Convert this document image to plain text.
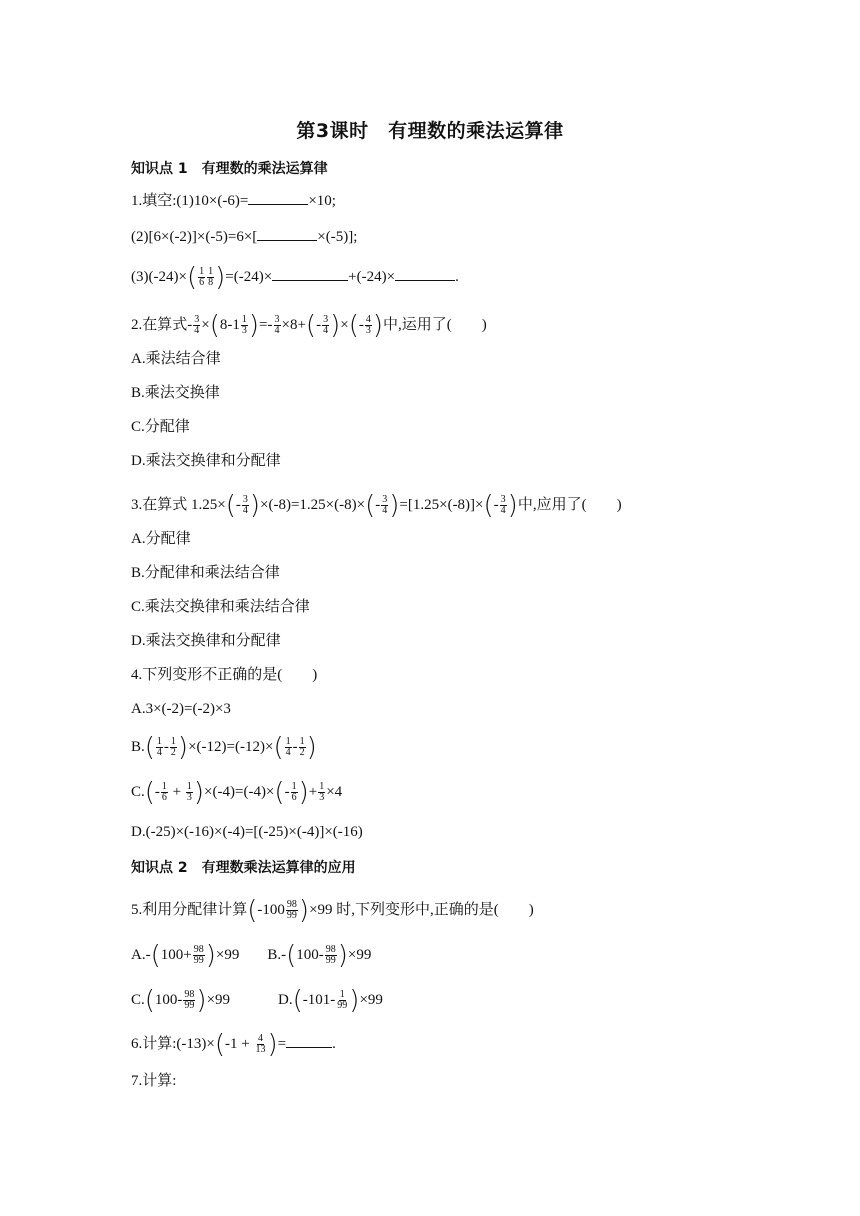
第3课时　有理数的乘法运算律
知识点 1　有理数的乘法运算律
1.填空:(1)10×(-6)=	×10;
(2)[6×(-2)]×(-5)=6×[	×(-5)];
$(3)(-24)\times( \frac{1}{6} \frac{1}{8} )=(-24)\times$	+(-24)×	.
2.在算式- $\frac{3}{4} \times(8-1 \frac{1}{3}$ )=- $\frac{3}{4} \times 8+(- \frac{3}{4}$ )×(- $\frac{4}{3}$ )中,运用了(　　)
A.乘法结合律
B.乘法交换律
C.分配律
D.乘法交换律和分配律
3.在算式 $1.25\times(- \frac{3}{4} )\times(-8)=1.25\times(-8)\times(- \frac{3}{4} )=[1.25\times(-8)]\times(- \frac{3}{4}$ )中,应用了(　　)
A.分配律
B.分配律和乘法结合律
C.乘法交换律和乘法结合律
D.乘法交换律和分配律
4.下列变形不正确的是(　　)
A.3×(-2)=(-2)×3
$B.( \frac{1}{4} - \frac{1}{2} )\times(-12)=(-12)\times( \frac{1}{4} - \frac{1}{2}$ )
$C.(- \frac{1}{6} + \frac{1}{3} )\times(-4)=(-4)\times(- \frac{1}{6}$ )+ $\frac{1}{3} \times 4$
D.(-25)×(-16)×(-4)=[(-25)×(-4)]×(-16)
知识点 2　有理数乘法运算律的应用
5.利用分配律计算$(-100 \frac{98}{99} )\times 99$ 时,下列变形中,正确的是(　　)
$A.-(100+ \frac{98}{99} )\times 99$ $B.-(100- \frac{98}{99} )\times 99$
$C.(100- \frac{98}{99} )\times 99$	$D.(-101- \frac{1}{99} )\times 99$
6.计算:(-13)×(-1 + $\frac{4}{13}$ )=	.
7.计算:
